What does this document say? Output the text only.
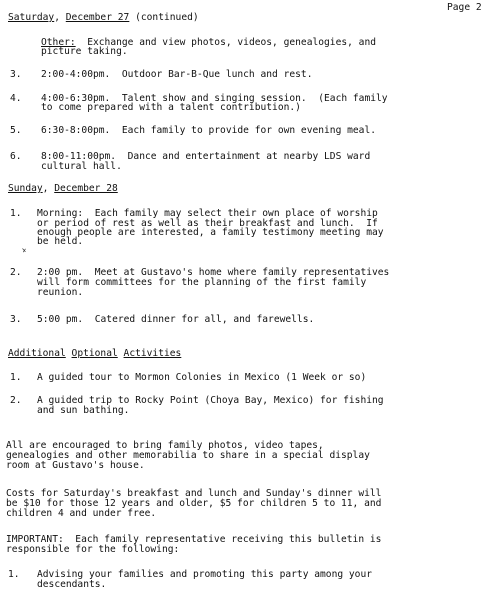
Page 2
Saturday, December 27 (continued)
Other: Exchange and view photos, videos, genealogies, and
picture taking.
3. 2:00-4:00pm.  Outdoor Bar-B-Que lunch and rest.
4. 4:00-6:30pm.  Talent show and singing session.  (Each family
to come prepared with a talent contribution.)
5. 6:30-8:00pm.  Each family to provide for own evening meal.
6. 8:00-11:00pm.  Dance and entertainment at nearby LDS ward
cultural hall.
Sunday, December 28
1. Morning:  Each family may select their own place of worship
or period of rest as well as their breakfast and lunch.  If
enough people are interested, a family testimony meeting may
be held.
2. 2:00 pm.  Meet at Gustavo's home where family representatives
will form committees for the planning of the first family
reunion.
3. 5:00 pm.  Catered dinner for all, and farewells.
Additional Optional Activities
1. A guided tour to Mormon Colonies in Mexico (1 Week or so)
2. A guided trip to Rocky Point (Choya Bay, Mexico) for fishing
and sun bathing.
All are encouraged to bring family photos, video tapes,
genealogies and other memorabilia to share in a special display
room at Gustavo's house.
Costs for Saturday's breakfast and lunch and Sunday's dinner will
be $10 for those 12 years and older, $5 for children 5 to 11, and
children 4 and under free.
IMPORTANT:  Each family representative receiving this bulletin is
responsible for the following:
1. Advising your families and promoting this party among your
descendants.
